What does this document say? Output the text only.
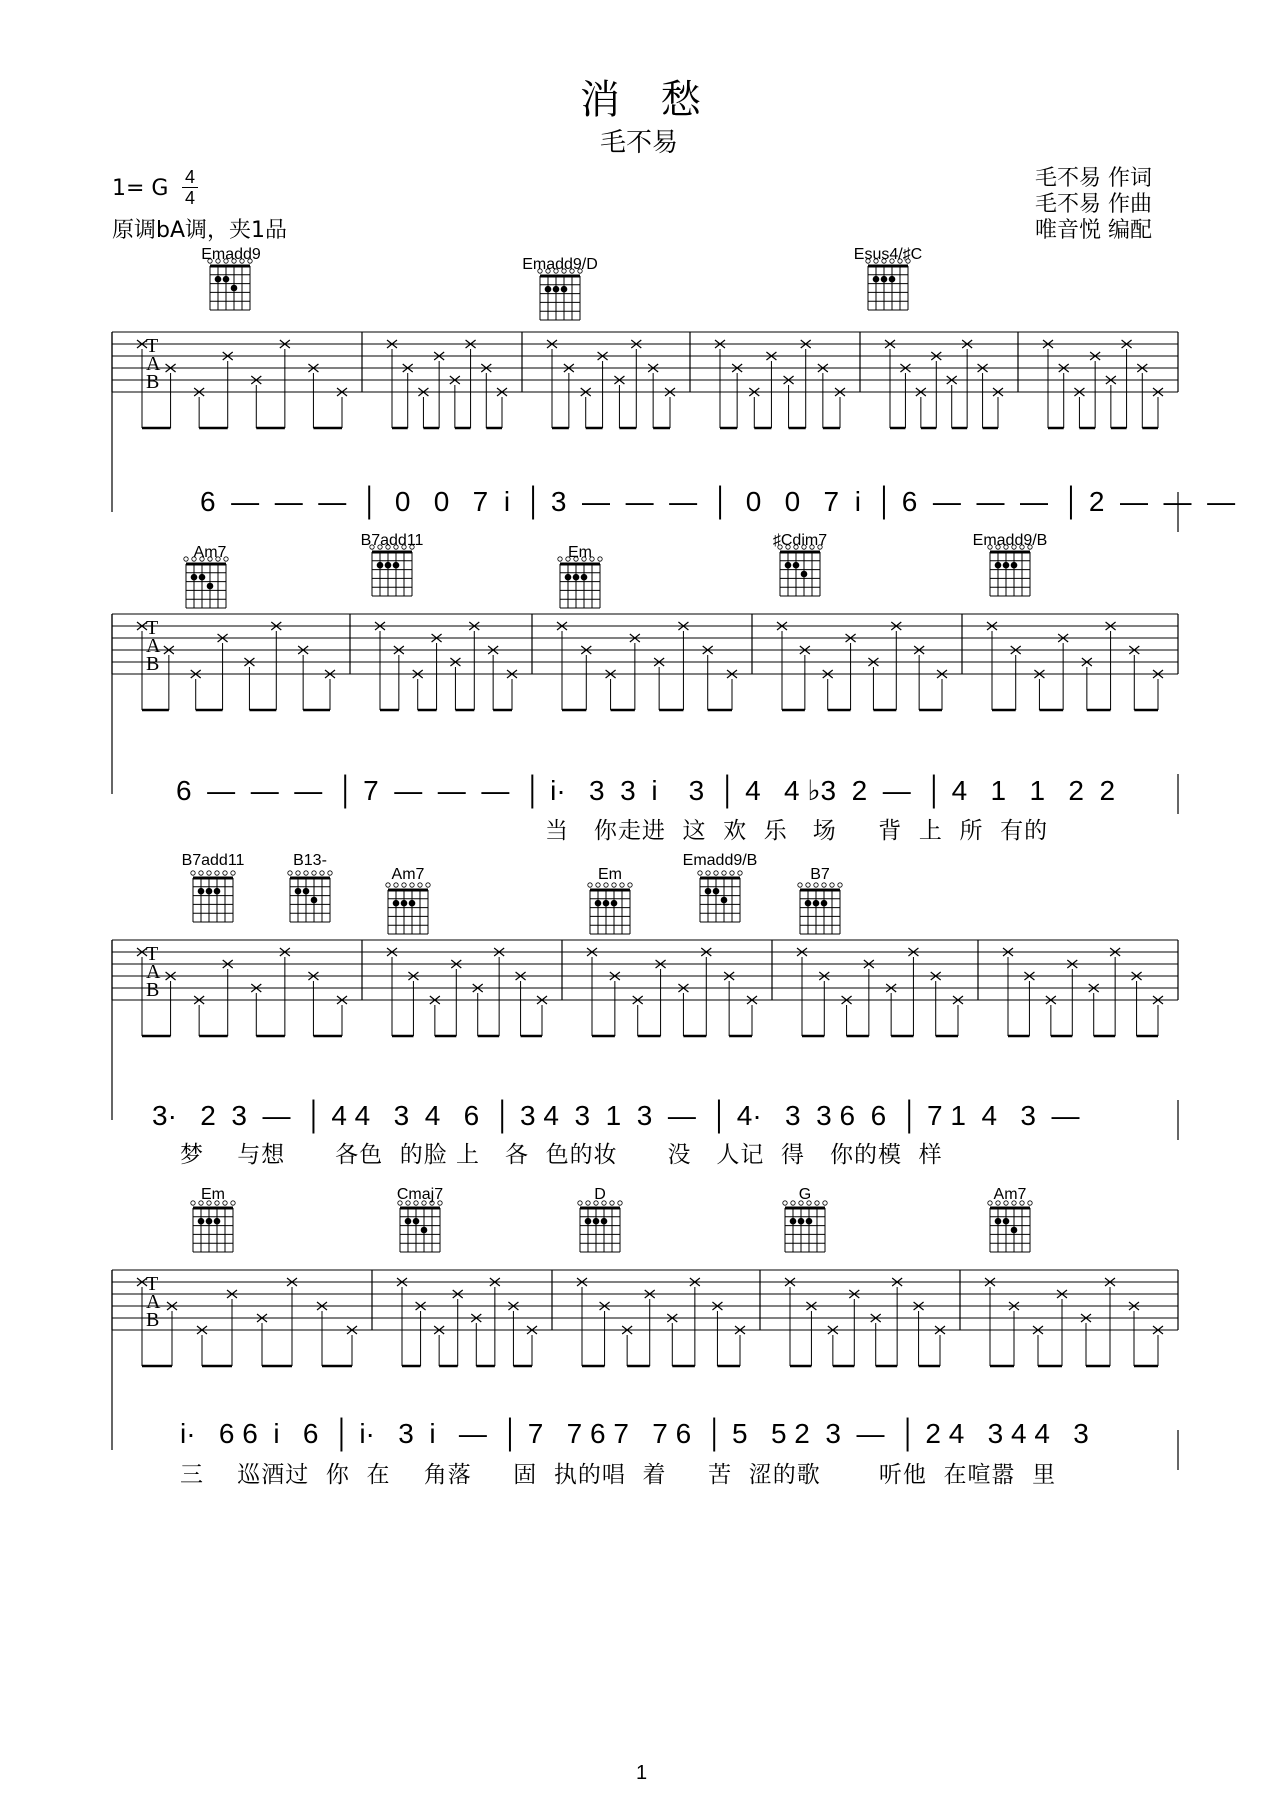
消 愁
毛不易
1= G 4
4
原调bA调，夹1品
毛不易 作词
毛不易 作曲
唯音悦 编配
Emadd9
Emadd9/D
Esus4/♯C
T
A
B
6  —  —  —  │  0   0   7  i  │ 3  —  —  —  │  0   0   7  i  │ 6  —  —  —  │ 2  —  —  —
Am7
B7add11
Em
♯Cdim7	Emadd9/B
T
A
B
6  —  —  —  │ 7  —  —  —  │ i·   3  3  i    3  │ 4   4 ♭3  2  —  │ 4   1   1   2  2
当   你走进  这  欢  乐   场     背  上  所  有的
B7add11	B13-
Am7	Em
Emadd9/B
B7
T
A
B
3·   2  3  —  │ 4 4   3  4   6  │ 3 4  3  1  3  —  │ 4·   3  3 6  6  │ 7 1  4   3  —
梦    与想      各色  的脸 上   各  色的妆      没   人记  得   你的模  样
Em	Cmaj7	D	G	Am7
T
A
B
i·   6 6  i   6  │ i·   3  i   —  │ 7   7 6 7   7 6  │ 5   5 2  3  —  │ 2 4   3 4 4   3
三    巡酒过  你  在    角落     固  执的唱  着     苦  涩的歌       听他  在喧嚣  里
1
